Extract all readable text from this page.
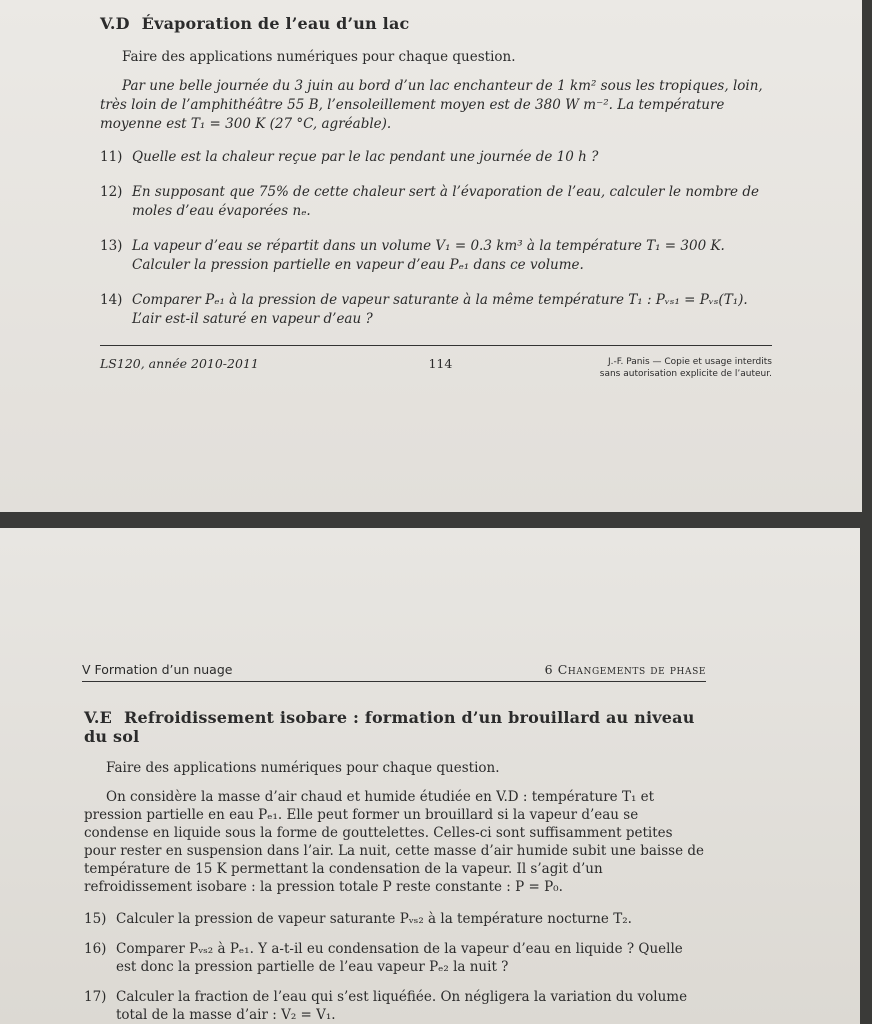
V.D Évaporation de l’eau d’un lac
Faire des applications numériques pour chaque question.
Par une belle journée du 3 juin au bord d’un lac enchanteur de 1 km² sous les tropiques, loin, très loin de l’amphithéâtre 55 B, l’ensoleillement moyen est de 380 W m⁻². La température moyenne est T₁ = 300 K (27 °C, agréable).
11) Quelle est la chaleur reçue par le lac pendant une journée de 10 h ?
12) En supposant que 75% de cette chaleur sert à l’évaporation de l’eau, calculer le nombre de moles d’eau évaporées nₑ.
13) La vapeur d’eau se répartit dans un volume V₁ = 0.3 km³ à la température T₁ = 300 K. Calculer la pression partielle en vapeur d’eau Pₑ₁ dans ce volume.
14) Comparer Pₑ₁ à la pression de vapeur saturante à la même température T₁ : Pᵥₛ₁ = Pᵥₛ(T₁). L’air est-il saturé en vapeur d’eau ?
LS120, année 2010-2011	114	J.-F. Panis — Copie et usage interdits
sans autorisation explicite de l’auteur.
V Formation d’un nuage	6 Changements de phase
V.E Refroidissement isobare : formation d’un brouillard au niveau du sol
Faire des applications numériques pour chaque question.
On considère la masse d’air chaud et humide étudiée en V.D : température T₁ et pression partielle en eau Pₑ₁. Elle peut former un brouillard si la vapeur d’eau se condense en liquide sous la forme de gouttelettes. Celles-ci sont suffisamment petites pour rester en suspension dans l’air. La nuit, cette masse d’air humide subit une baisse de température de 15 K permettant la condensation de la vapeur. Il s’agit d’un refroidissement isobare : la pression totale P reste constante : P = P₀.
15) Calculer la pression de vapeur saturante Pᵥₛ₂ à la température nocturne T₂.
16) Comparer Pᵥₛ₂ à Pₑ₁. Y a-t-il eu condensation de la vapeur d’eau en liquide ? Quelle est donc la pression partielle de l’eau vapeur Pₑ₂ la nuit ?
17) Calculer la fraction de l’eau qui s’est liquéfiée. On négligera la variation du volume total de la masse d’air : V₂ = V₁.
